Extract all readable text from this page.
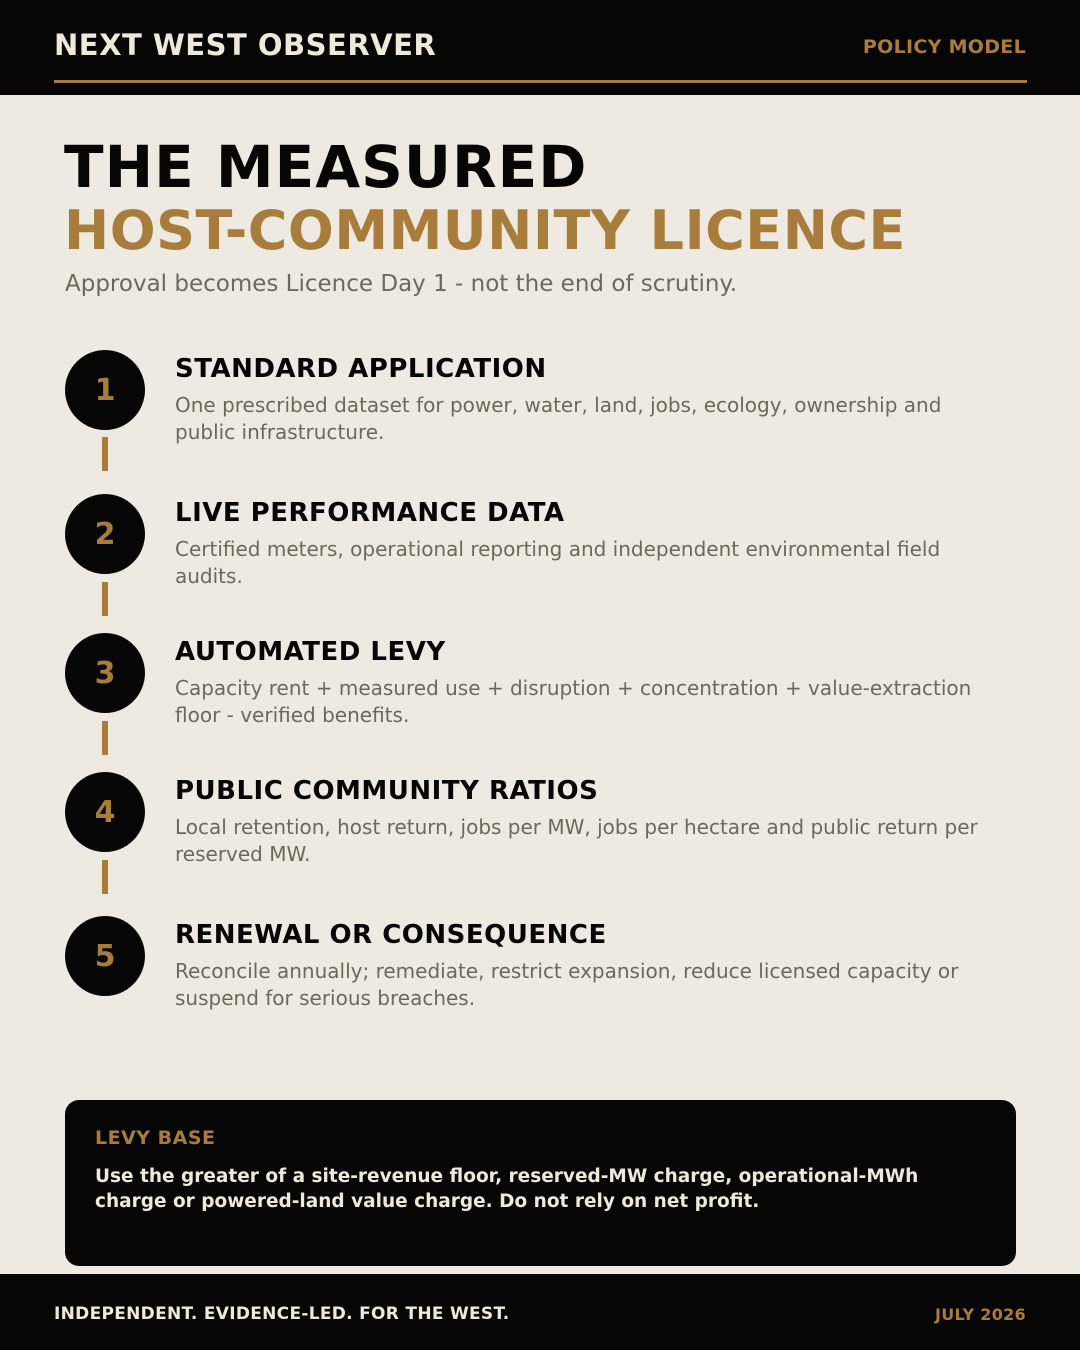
NEXT WEST OBSERVER	POLICY MODEL
THE MEASURED
HOST-COMMUNITY LICENCE
Approval becomes Licence Day 1 - not the end of scrutiny.
1
STANDARD APPLICATION
One prescribed dataset for power, water, land, jobs, ecology, ownership and public infrastructure.
2
LIVE PERFORMANCE DATA
Certified meters, operational reporting and independent environmental field audits.
3
AUTOMATED LEVY
Capacity rent + measured use + disruption + concentration + value-extraction floor - verified benefits.
4
PUBLIC COMMUNITY RATIOS
Local retention, host return, jobs per MW, jobs per hectare and public return per reserved MW.
5
RENEWAL OR CONSEQUENCE
Reconcile annually; remediate, restrict expansion, reduce licensed capacity or suspend for serious breaches.
LEVY BASE
Use the greater of a site-revenue floor, reserved-MW charge, operational-MWh charge or powered-land value charge. Do not rely on net profit.
INDEPENDENT. EVIDENCE-LED. FOR THE WEST.	JULY 2026
